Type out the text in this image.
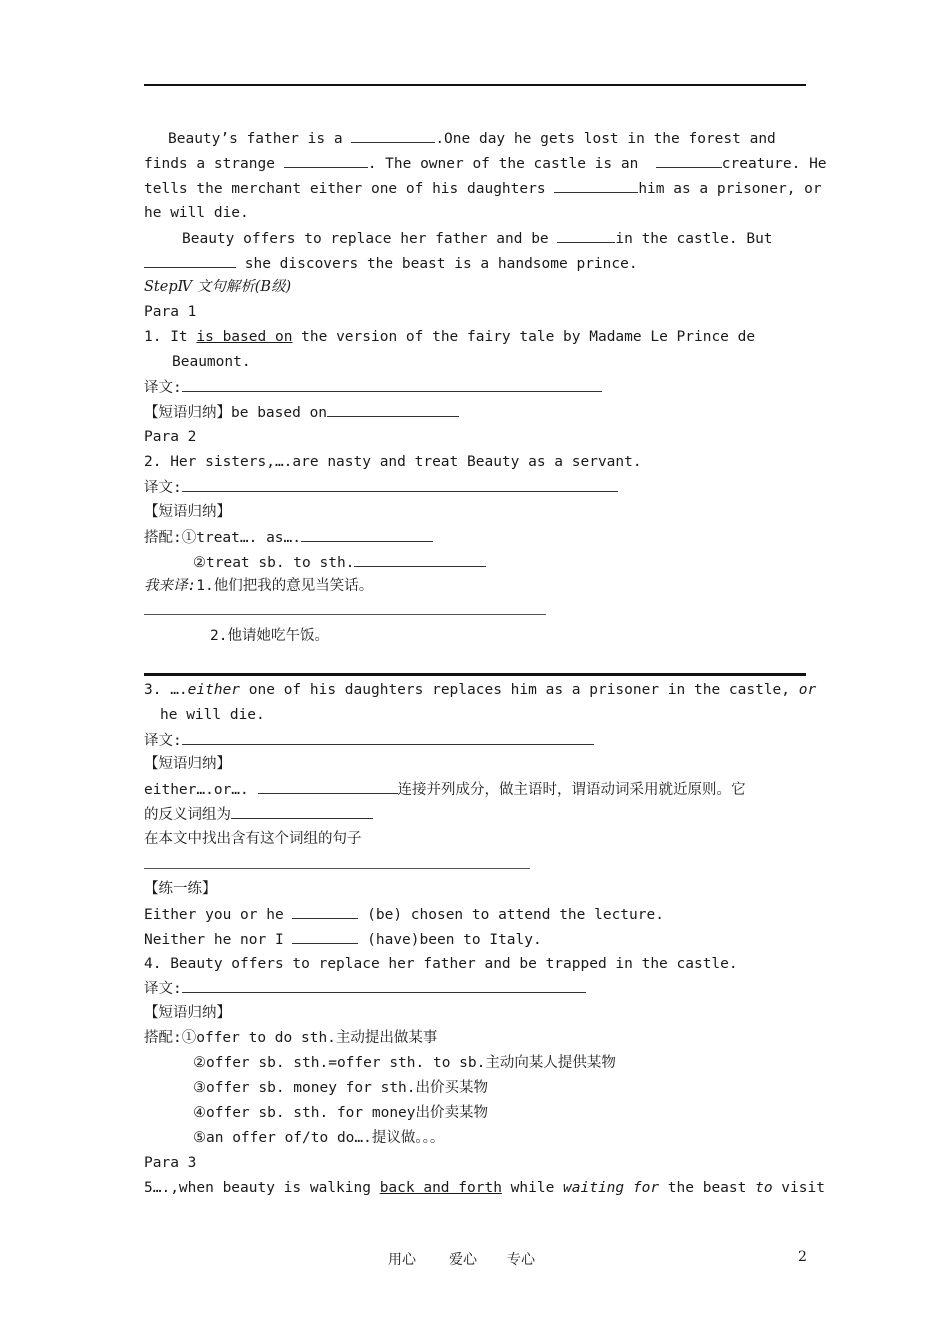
Beauty’s father is a	.One day he gets lost in the forest and
finds a strange	. The owner of the castle is an	creature. He
tells the merchant either one of his daughters	him as a prisoner, or
he will die.
Beauty offers to replace her father and be	in the castle. But
she discovers the beast is a handsome prince.
StepⅣ 文句解析(B级)
Para 1
1. It is based on the version of the fairy tale by Madame Le Prince de
Beaumont.
译文:
【短语归纳】be based on
Para 2
2. Her sisters,….are nasty and treat Beauty as a servant.
译文:
【短语归纳】
搭配:①treat…. as….
②treat sb. to sth.
我来译:1.他们把我的意见当笑话。
2.他请她吃午饭。
3. ….either one of his daughters replaces him as a prisoner in the castle, or
he will die.
译文:
【短语归纳】
either….or….	连接并列成分，做主语时，谓语动词采用就近原则。它
的反义词组为
在本文中找出含有这个词组的句子
【练一练】
Either you or he	(be) chosen to attend the lecture.
Neither he nor I	(have)been to Italy.
4. Beauty offers to replace her father and be trapped in the castle.
译文:
【短语归纳】
搭配:①offer to do sth.主动提出做某事
②offer sb. sth.=offer sth. to sb.主动向某人提供某物
③offer sb. money for sth.出价买某物
④offer sb. sth. for money出价卖某物
⑤an offer of/to do….提议做。。。
Para 3
5….,when beauty is walking back and forth while waiting for the beast to visit
用心 爱心 专心	2
